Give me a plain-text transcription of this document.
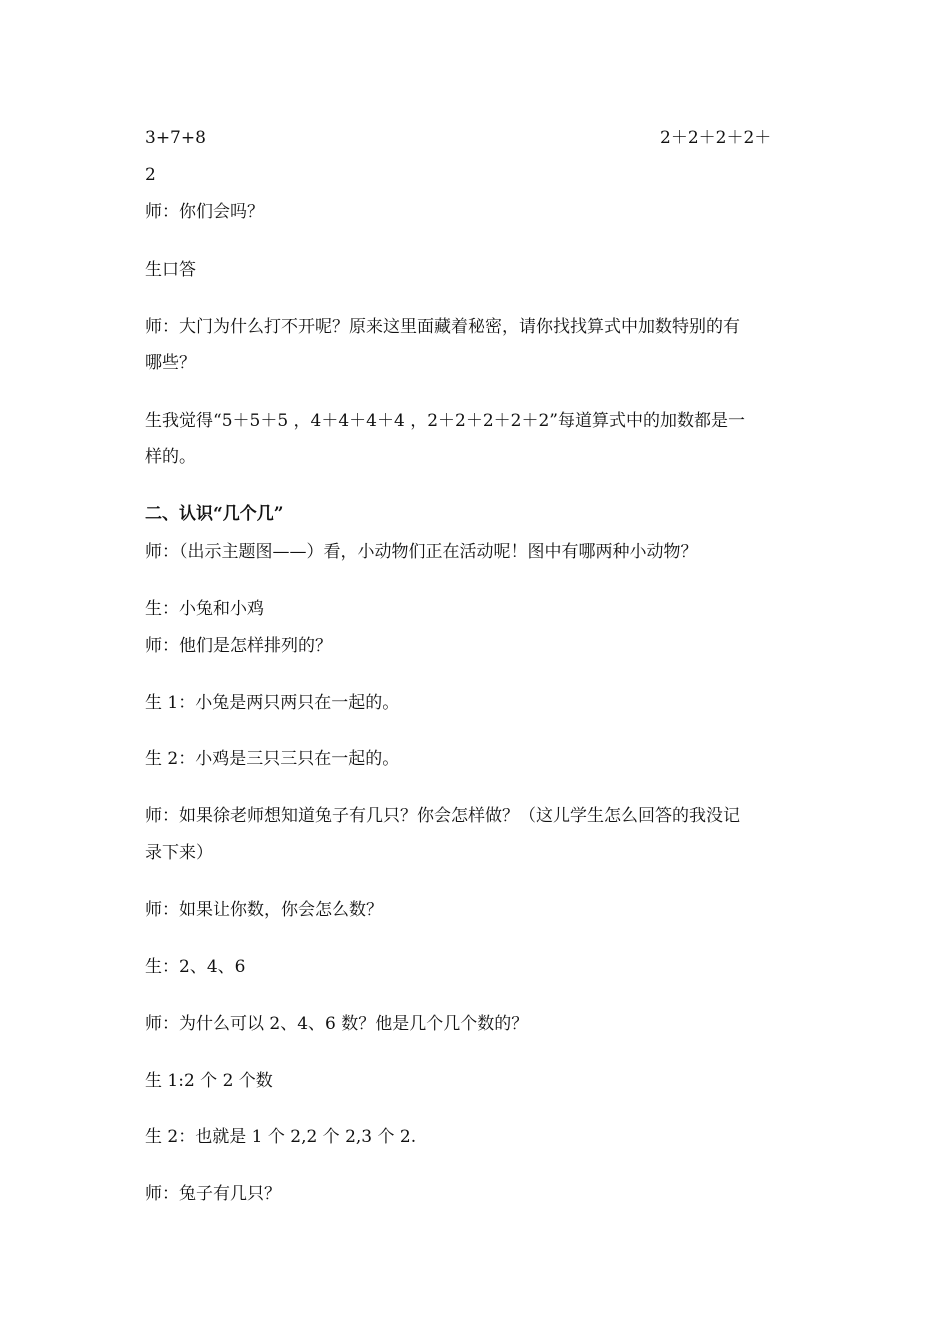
3+7+8	2＋2＋2＋2＋
2
师：你们会吗？
生口答
师：大门为什么打不开呢？原来这里面藏着秘密，请你找找算式中加数特别的有
哪些？
生我觉得“5＋5＋5 ，4＋4＋4＋4 ，2＋2＋2＋2＋2”每道算式中的加数都是一
样的。
二、认识“几个几”
师：（出示主题图——）看，小动物们正在活动呢！图中有哪两种小动物？
生：小兔和小鸡
师：他们是怎样排列的？
生 1：小兔是两只两只在一起的。
生 2：小鸡是三只三只在一起的。
师：如果徐老师想知道兔子有几只？你会怎样做？（这儿学生怎么回答的我没记
录下来）
师：如果让你数，你会怎么数？
生：2、4、6
师：为什么可以 2、4、6 数？他是几个几个数的？
生 1:2 个 2 个数
生 2：也就是 1 个 2,2 个 2,3 个 2.
师：兔子有几只？
